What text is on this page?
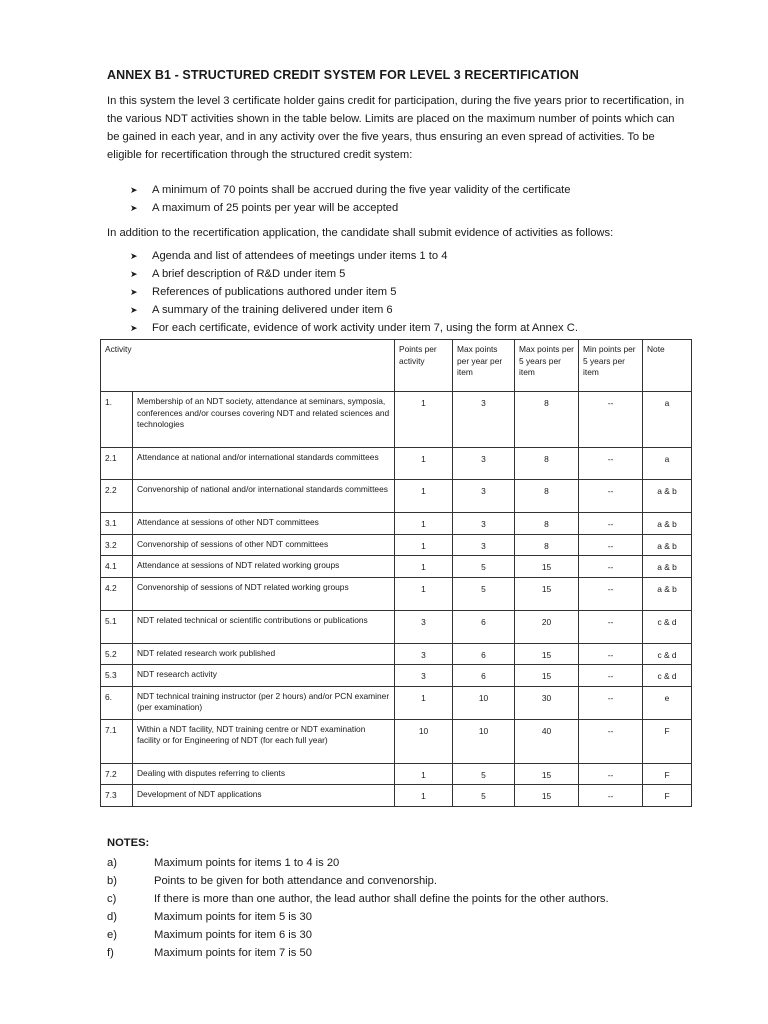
ANNEX B1 - STRUCTURED CREDIT SYSTEM FOR LEVEL 3 RECERTIFICATION
In this system the level 3 certificate holder gains credit for participation, during the five years prior to recertification, in the various NDT activities shown in the table below. Limits are placed on the maximum number of points which can be gained in each year, and in any activity over the five years, thus ensuring an even spread of activities. To be eligible for recertification through the structured credit system:
➤ A minimum of 70 points shall be accrued during the five year validity of the certificate
➤ A maximum of 25 points per year will be accepted
In addition to the recertification application, the candidate shall submit evidence of activities as follows:
➤ Agenda and list of attendees of meetings under items 1 to 4
➤ A brief description of R&D under item 5
➤ References of publications authored under item 5
➤ A summary of the training delivered under item 6
➤ For each certificate, evidence of work activity under item 7, using the form at Annex C.
Activity		Points per activity	Max points per year per item	Max points per 5 years per item	Min points per 5 years per item	Note
1.	Membership of an NDT society, attendance at seminars, symposia, conferences and/or courses covering NDT and related sciences and technologies	1	3	8	--	a
2.1	Attendance at national and/or international standards committees	1	3	8	--	a
2.2	Convenorship of national and/or international standards committees	1	3	8	--	a & b
3.1	Attendance at sessions of other NDT committees	1	3	8	--	a & b
3.2	Convenorship of sessions of other NDT committees	1	3	8	--	a & b
4.1	Attendance at sessions of NDT related working groups	1	5	15	--	a & b
4.2	Convenorship of sessions of NDT related working groups	1	5	15	--	a & b
5.1	NDT related technical or scientific contributions or publications	3	6	20	--	c & d
5.2	NDT related research work published	3	6	15	--	c & d
5.3	NDT research activity	3	6	15	--	c & d
6.	NDT technical training instructor (per 2 hours) and/or PCN examiner (per examination)	1	10	30	--	e
7.1	Within a NDT facility, NDT training centre or NDT examination facility or for Engineering of NDT (for each full year)	10	10	40	--	F
7.2	Dealing with disputes referring to clients	1	5	15	--	F
7.3	Development of NDT applications	1	5	15	--	F
NOTES:
a)	Maximum points for items 1 to 4 is 20
b)	Points to be given for both attendance and convenorship.
c)	If there is more than one author, the lead author shall define the points for the other authors.
d)	Maximum points for item 5 is 30
e)	Maximum points for item 6 is 30
f)	Maximum points for item 7 is 50
